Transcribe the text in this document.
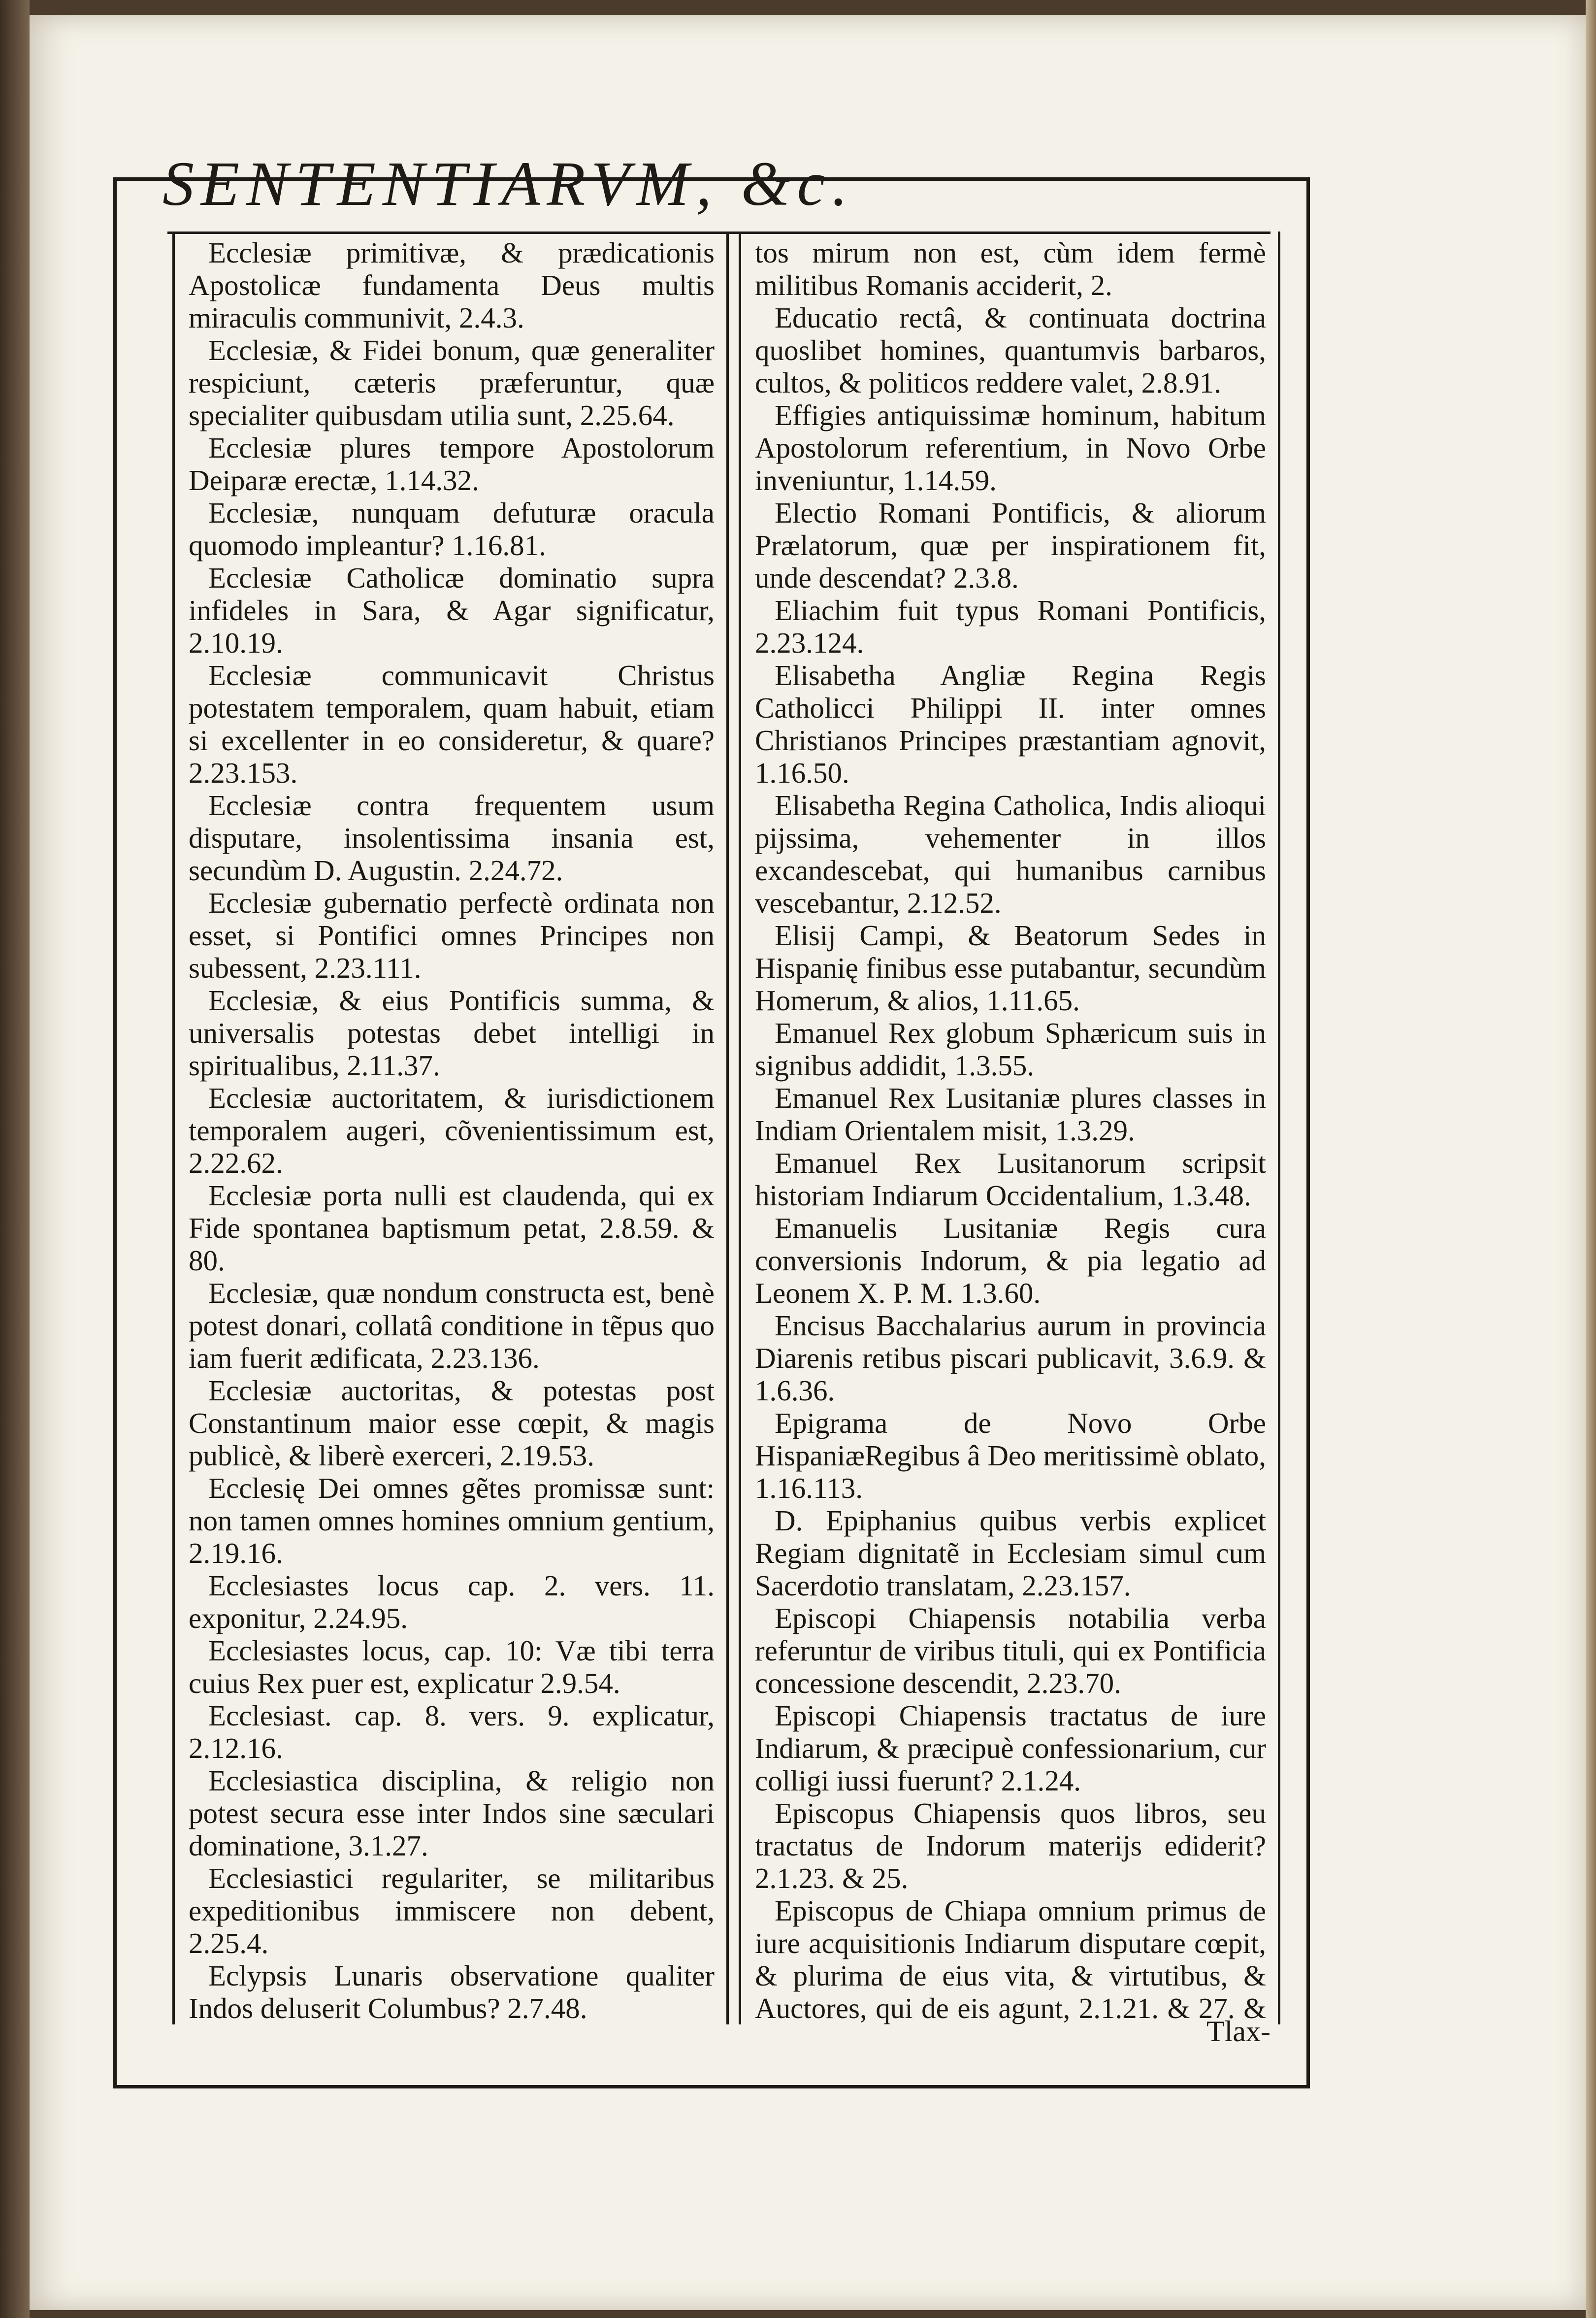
SENTENTIARVM, &c.

Ecclesiæ primitivæ, & prædicationis Apostolicæ fundamenta Deus multis miraculis communivit, 2.4.3.

Ecclesiæ, & Fidei bonum, quæ generaliter respiciunt, cæteris præferuntur, quæ specialiter quibusdam utilia sunt, 2.25.64.

Ecclesiæ plures tempore Apostolorum Deiparæ erectæ, 1.14.32.

Ecclesiæ, nunquam defuturæ oracula quomodo impleantur? 1.16.81.

Ecclesiæ Catholicæ dominatio supra infideles in Sara, & Agar significatur, 2.10.19.

Ecclesiæ communicavit Christus potestatem temporalem, quam habuit, etiam si excellenter in eo consideretur, & quare? 2.23.153.

Ecclesiæ contra frequentem usum disputare, insolentissima insania est, secundùm D. Augustin. 2.24.72.

Ecclesiæ gubernatio perfectè ordinata non esset, si Pontifici omnes Principes non subessent, 2.23.111.

Ecclesiæ, & eius Pontificis summa, & universalis potestas debet intelligi in spiritualibus, 2.11.37.

Ecclesiæ auctoritatem, & iurisdictionem temporalem augeri, cõvenientissimum est, 2.22.62.

Ecclesiæ porta nulli est claudenda, qui ex Fide spontanea baptismum petat, 2.8.59. & 80.

Ecclesiæ, quæ nondum constructa est, benè potest donari, collatâ conditione in tẽpus quo iam fuerit ædificata, 2.23.136.

Ecclesiæ auctoritas, & potestas post Constantinum maior esse cœpit, & magis publicè, & liberè exerceri, 2.19.53.

Ecclesię Dei omnes gẽtes promissæ sunt: non tamen omnes homines omnium gentium, 2.19.16.

Ecclesiastes locus cap. 2. vers. 11. exponitur, 2.24.95.

Ecclesiastes locus, cap. 10: Væ tibi terra cuius Rex puer est, explicatur 2.9.54.

Ecclesiast. cap. 8. vers. 9. explicatur, 2.12.16.

Ecclesiastica disciplina, & religio non potest secura esse inter Indos sine sæculari dominatione, 3.1.27.

Ecclesiastici regulariter, se militaribus expeditionibus immiscere non debent, 2.25.4.

Eclypsis Lunaris observatione qualiter Indos deluserit Columbus? 2.7.48.

tos mirum non est, cùm idem fermè militibus Romanis acciderit, 2.

Educatio rectâ, & continuata doctrina quoslibet homines, quantumvis barbaros, cultos, & politicos reddere valet, 2.8.91.

Effigies antiquissimæ hominum, habitum Apostolorum referentium, in Novo Orbe inveniuntur, 1.14.59.

Electio Romani Pontificis, & aliorum Prælatorum, quæ per inspirationem fit, unde descendat? 2.3.8.

Eliachim fuit typus Romani Pontificis, 2.23.124.

Elisabetha Angliæ Regina Regis Catholicci Philippi II. inter omnes Christianos Principes præstantiam agnovit, 1.16.50.

Elisabetha Regina Catholica, Indis alioqui pijssima, vehementer in illos excandescebat, qui humanibus carnibus vescebantur, 2.12.52.

Elisij Campi, & Beatorum Sedes in Hispanię finibus esse putabantur, secundùm Homerum, & alios, 1.11.65.

Emanuel Rex globum Sphæricum suis in signibus addidit, 1.3.55.

Emanuel Rex Lusitaniæ plures classes in Indiam Orientalem misit, 1.3.29.

Emanuel Rex Lusitanorum scripsit historiam Indiarum Occidentalium, 1.3.48.

Emanuelis Lusitaniæ Regis cura conversionis Indorum, & pia legatio ad Leonem X. P. M. 1.3.60.

Encisus Bacchalarius aurum in provincia Diarenis retibus piscari publicavit, 3.6.9. & 1.6.36.

Epigrama de Novo Orbe HispaniæRegibus â Deo meritissimè oblato, 1.16.113.

D. Epiphanius quibus verbis explicet Regiam dignitatẽ in Ecclesiam simul cum Sacerdotio translatam, 2.23.157.

Episcopi Chiapensis notabilia verba referuntur de viribus tituli, qui ex Pontificia concessione descendit, 2.23.70.

Episcopi Chiapensis tractatus de iure Indiarum, & præcipuè confessionarium, cur colligi iussi fuerunt? 2.1.24.

Episcopus Chiapensis quos libros, seu tractatus de Indorum materijs ediderit? 2.1.23. & 25.

Episcopus de Chiapa omnium primus de iure acquisitionis Indiarum disputare cœpit, & plurima de eius vita, & virtutibus, & Auctores, qui de eis agunt, 2.1.21. & 27. &

Tlax-
